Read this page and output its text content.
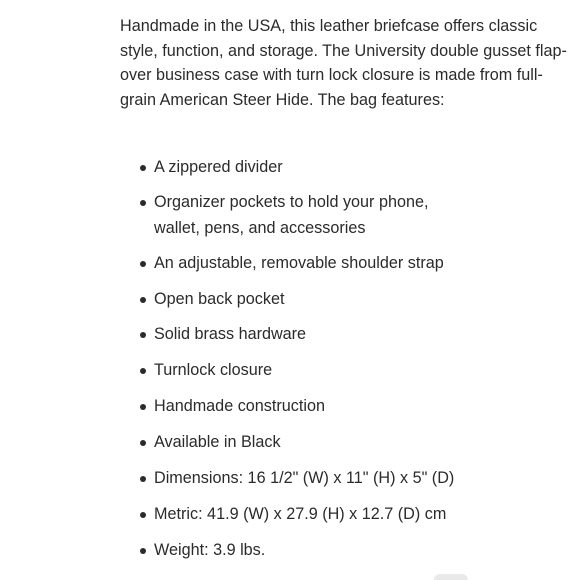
Handmade in the USA, this leather briefcase offers classic style, function, and storage. The University double gusset flap-over business case with turn lock closure is made from full-grain American Steer Hide. The bag features:

A zippered divider
Organizer pockets to hold your phone, wallet, pens, and accessories
An adjustable, removable shoulder strap
Open back pocket
Solid brass hardware
Turnlock closure
Handmade construction
Available in Black
Dimensions: 16 1/2" (W) x 11" (H) x 5" (D)
Metric: 41.9 (W) x 27.9 (H) x 12.7 (D) cm
Weight: 3.9 lbs.
